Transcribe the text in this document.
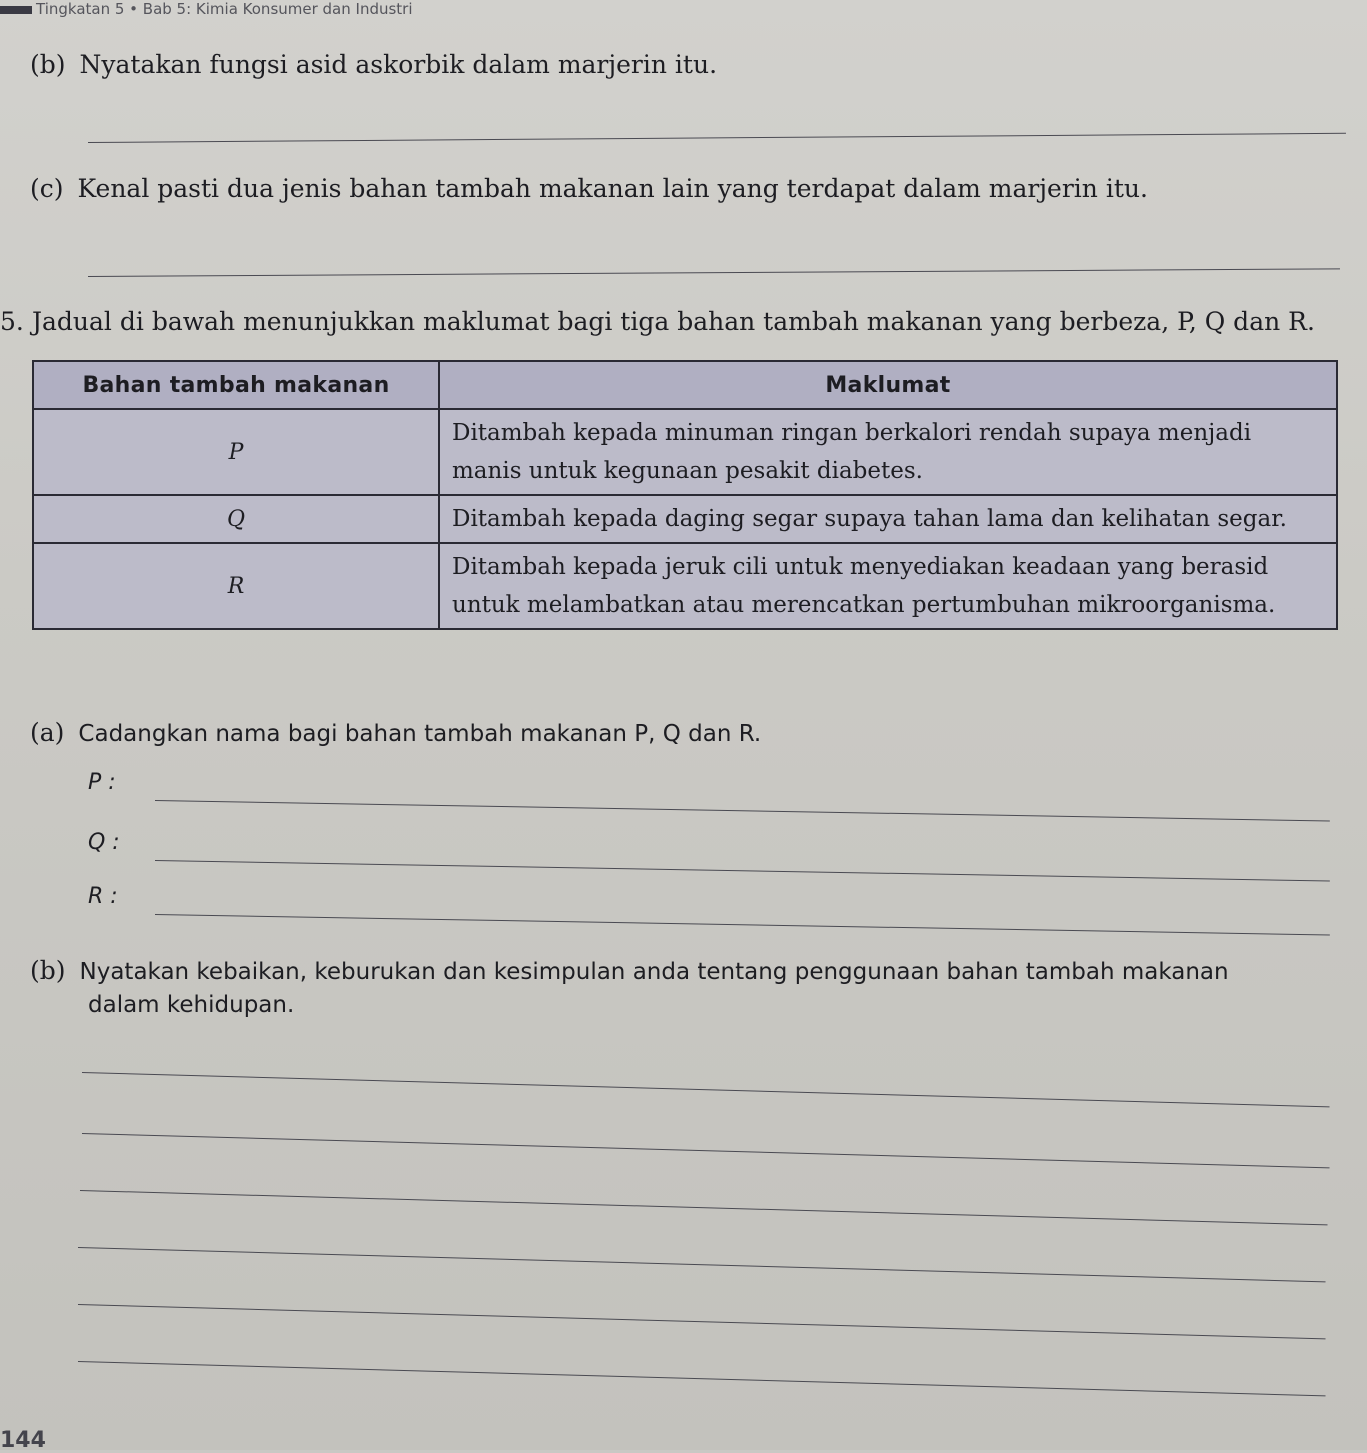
Tingkatan 5 • Bab 5: Kimia Konsumer dan Industri
(b) Nyatakan fungsi asid askorbik dalam marjerin itu.
(c) Kenal pasti dua jenis bahan tambah makanan lain yang terdapat dalam marjerin itu.
5. Jadual di bawah menunjukkan maklumat bagi tiga bahan tambah makanan yang berbeza, P, Q dan R.
Bahan tambah makanan	Maklumat
P	Ditambah kepada minuman ringan berkalori rendah supaya menjadi manis untuk kegunaan pesakit diabetes.
Q	Ditambah kepada daging segar supaya tahan lama dan kelihatan segar.
R	Ditambah kepada jeruk cili untuk menyediakan keadaan yang berasid untuk melambatkan atau merencatkan pertumbuhan mikroorganisma.
(a) Cadangkan nama bagi bahan tambah makanan P, Q dan R.
P :
Q :
R :
(b) Nyatakan kebaikan, keburukan dan kesimpulan anda tentang penggunaan bahan tambah makanan
dalam kehidupan.
144
